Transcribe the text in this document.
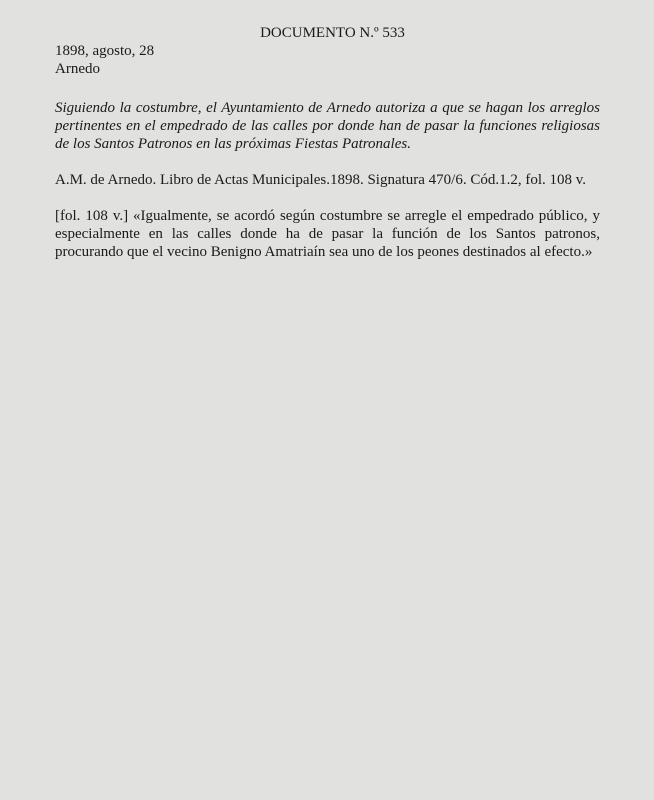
DOCUMENTO N.º 533

1898, agosto, 28

Arnedo

Siguiendo la costumbre, el Ayuntamiento de Arnedo autoriza a que se hagan los arreglos pertinentes en el empedrado de las calles por donde han de pasar la funciones religiosas de los Santos Patronos en las próximas Fiestas Patronales.

A.M. de Arnedo. Libro de Actas Municipales.1898. Signatura 470/6. Cód.1.2, fol. 108 v.

[fol. 108 v.] «Igualmente, se acordó según costumbre se arregle el empedrado público, y especialmente en las calles donde ha de pasar la función de los Santos patronos, procurando que el vecino Benigno Amatriaín sea uno de los peones destinados al efecto.»
